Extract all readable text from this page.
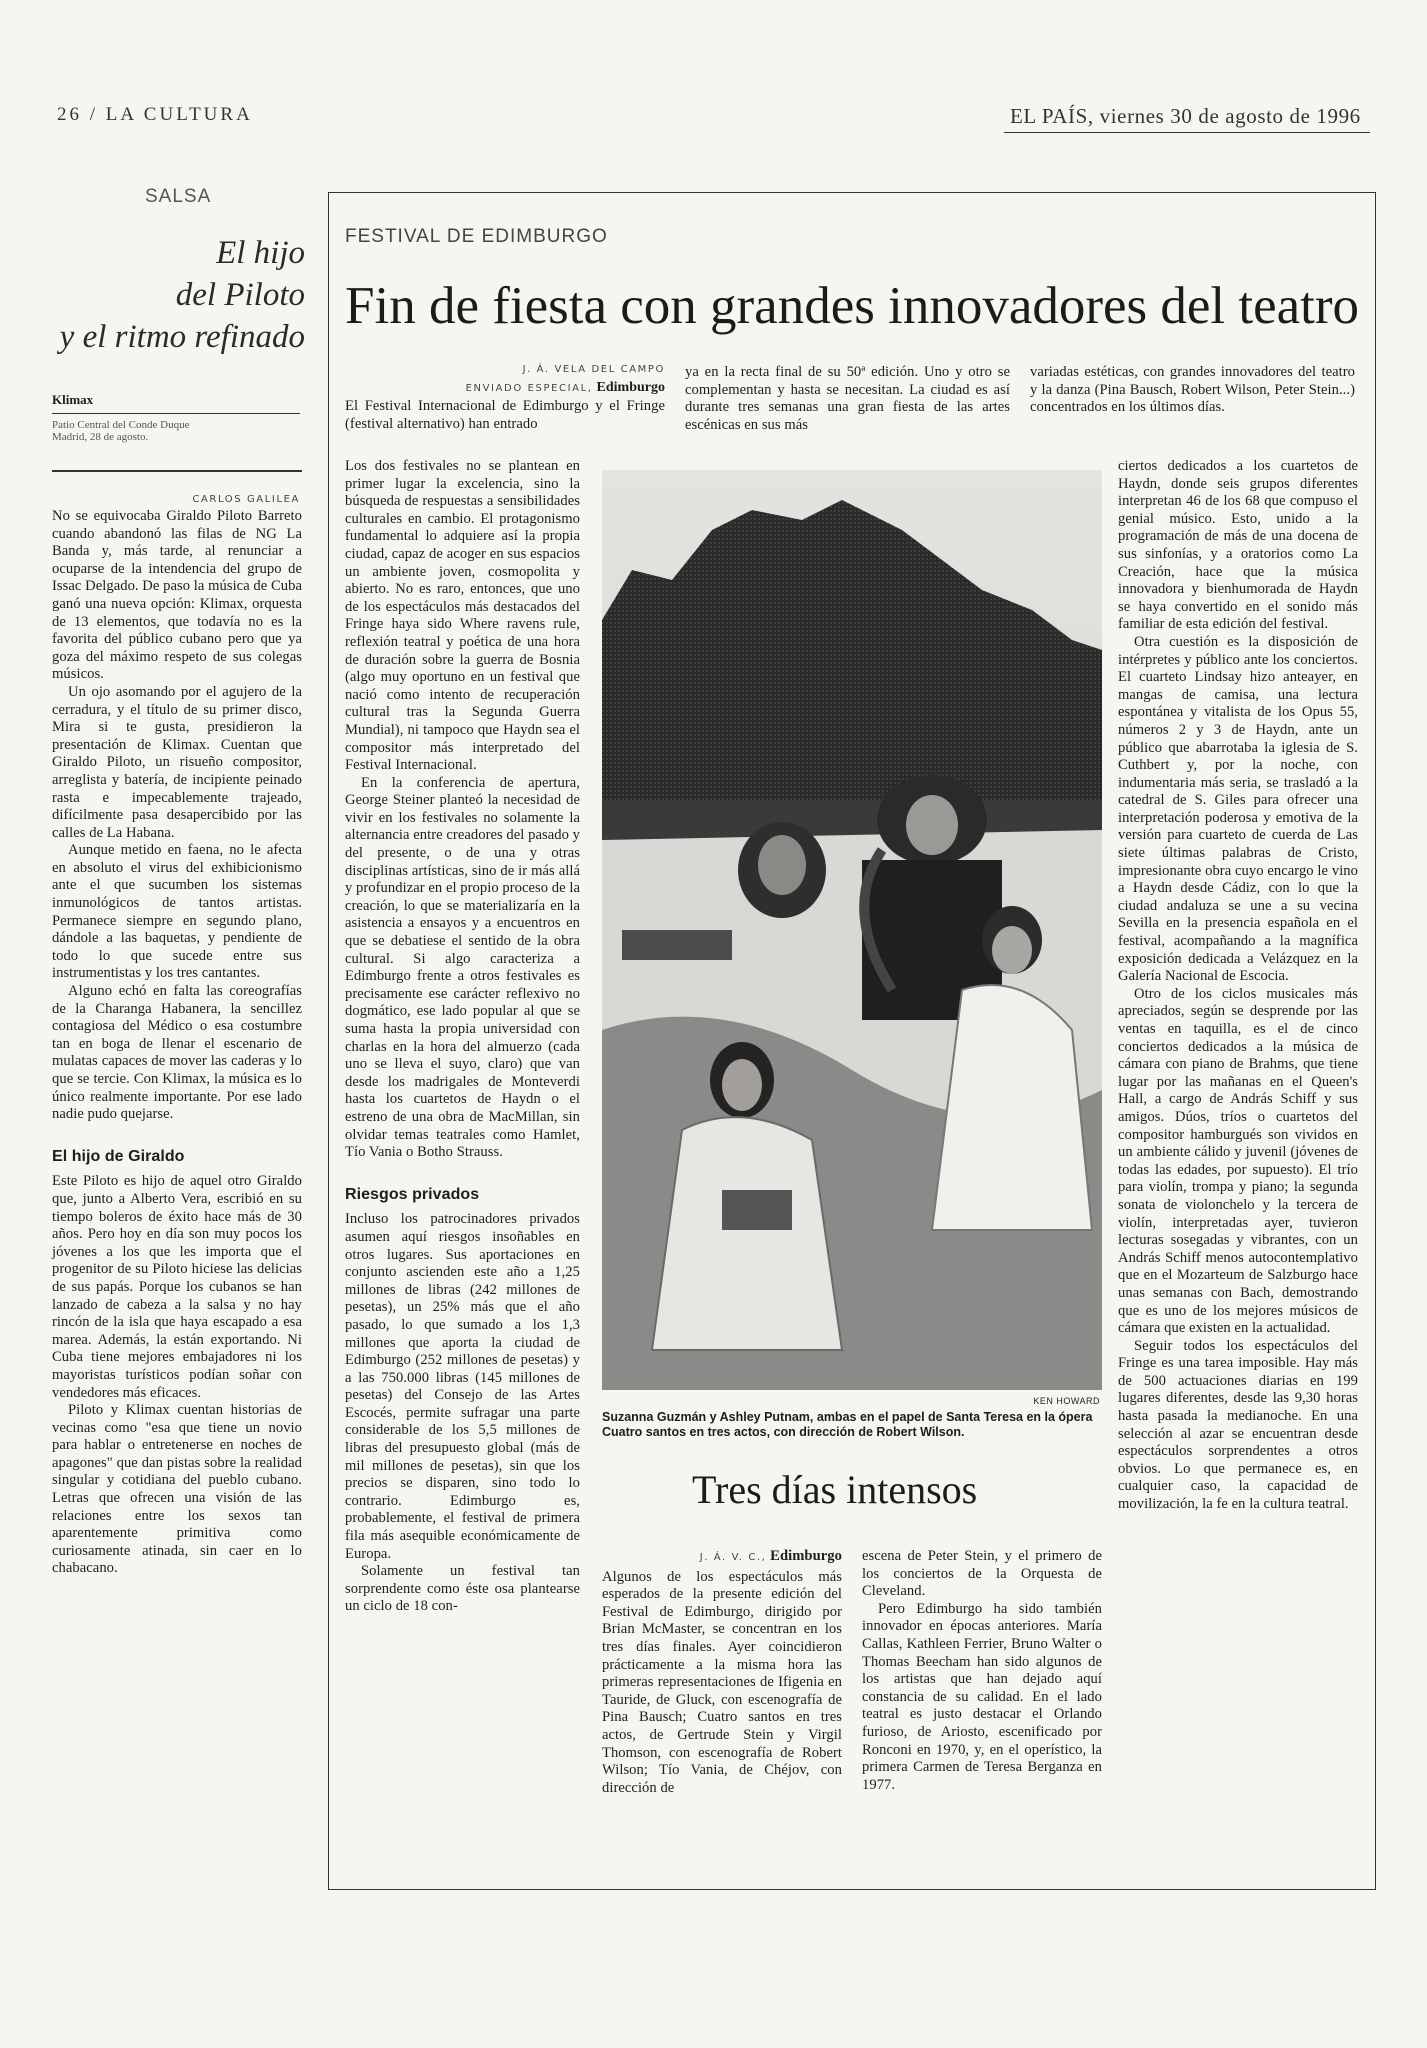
26 / LA CULTURA	EL PAÍS, viernes 30 de agosto de 1996
SALSA
El hijo
del Piloto
y el ritmo refinado
Klimax
Patio Central del Conde Duque
Madrid, 28 de agosto.
CARLOS GALILEA

No se equivocaba Giraldo Piloto Barreto cuando abandonó las filas de NG La Banda y, más tarde, al renunciar a ocuparse de la intendencia del grupo de Issac Delgado. De paso la música de Cuba ganó una nueva opción: Klimax, orquesta de 13 elementos, que todavía no es la favorita del público cubano pero que ya goza del máximo respeto de sus colegas músicos.

Un ojo asomando por el agujero de la cerradura, y el título de su primer disco, Mira si te gusta, presidieron la presentación de Klimax. Cuentan que Giraldo Piloto, un risueño compositor, arreglista y batería, de incipiente peinado rasta e impecablemente trajeado, difícilmente pasa desapercibido por las calles de La Habana.

Aunque metido en faena, no le afecta en absoluto el virus del exhibicionismo ante el que sucumben los sistemas inmunológicos de tantos artistas. Permanece siempre en segundo plano, dándole a las baquetas, y pendiente de todo lo que sucede entre sus instrumentistas y los tres cantantes.

Alguno echó en falta las coreografías de la Charanga Habanera, la sencillez contagiosa del Médico o esa costumbre tan en boga de llenar el escenario de mulatas capaces de mover las caderas y lo que se tercie. Con Klimax, la música es lo único realmente importante. Por ese lado nadie pudo quejarse.

El hijo de Giraldo

Este Piloto es hijo de aquel otro Giraldo que, junto a Alberto Vera, escribió en su tiempo boleros de éxito hace más de 30 años. Pero hoy en día son muy pocos los jóvenes a los que les importa que el progenitor de su Piloto hiciese las delicias de sus papás. Porque los cubanos se han lanzado de cabeza a la salsa y no hay rincón de la isla que haya escapado a esa marea. Además, la están exportando. Ni Cuba tiene mejores embajadores ni los mayoristas turísticos podían soñar con vendedores más eficaces.

Piloto y Klimax cuentan historias de vecinas como "esa que tiene un novio para hablar o entretenerse en noches de apagones" que dan pistas sobre la realidad singular y cotidiana del pueblo cubano. Letras que ofrecen una visión de las relaciones entre los sexos tan aparentemente primitiva como curiosamente atinada, sin caer en lo chabacano.

FESTIVAL DE EDIMBURGO
Fin de fiesta con grandes innovadores del teatro
J. Á. VELA DEL CAMPO
ENVIADO ESPECIAL, Edimburgo

El Festival Internacional de Edimburgo y el Fringe (festival alternativo) han entrado

ya en la recta final de su 50ª edición. Uno y otro se complementan y hasta se necesitan. La ciudad es así durante tres semanas una gran fiesta de las artes escénicas en sus más

variadas estéticas, con grandes innovadores del teatro y la danza (Pina Bausch, Robert Wilson, Peter Stein...) concentrados en los últimos días.

Los dos festivales no se plantean en primer lugar la excelencia, sino la búsqueda de respuestas a sensibilidades culturales en cambio. El protagonismo fundamental lo adquiere así la propia ciudad, capaz de acoger en sus espacios un ambiente joven, cosmopolita y abierto. No es raro, entonces, que uno de los espectáculos más destacados del Fringe haya sido Where ravens rule, reflexión teatral y poética de una hora de duración sobre la guerra de Bosnia (algo muy oportuno en un festival que nació como intento de recuperación cultural tras la Segunda Guerra Mundial), ni tampoco que Haydn sea el compositor más interpretado del Festival Internacional.

En la conferencia de apertura, George Steiner planteó la necesidad de vivir en los festivales no solamente la alternancia entre creadores del pasado y del presente, o de una y otras disciplinas artísticas, sino de ir más allá y profundizar en el propio proceso de la creación, lo que se materializaría en la asistencia a ensayos y a encuentros en que se debatiese el sentido de la obra cultural. Si algo caracteriza a Edimburgo frente a otros festivales es precisamente ese carácter reflexivo no dogmático, ese lado popular al que se suma hasta la propia universidad con charlas en la hora del almuerzo (cada uno se lleva el suyo, claro) que van desde los madrigales de Monteverdi hasta los cuartetos de Haydn o el estreno de una obra de MacMillan, sin olvidar temas teatrales como Hamlet, Tío Vania o Botho Strauss.

Riesgos privados

Incluso los patrocinadores privados asumen aquí riesgos insoñables en otros lugares. Sus aportaciones en conjunto ascienden este año a 1,25 millones de libras (242 millones de pesetas), un 25% más que el año pasado, lo que sumado a los 1,3 millones que aporta la ciudad de Edimburgo (252 millones de pesetas) y a las 750.000 libras (145 millones de pesetas) del Consejo de las Artes Escocés, permite sufragar una parte considerable de los 5,5 millones de libras del presupuesto global (más de mil millones de pesetas), sin que los precios se disparen, sino todo lo contrario. Edimburgo es, probablemente, el festival de primera fila más asequible económicamente de Europa.

Solamente un festival tan sorprendente como éste osa plantearse un ciclo de 18 con-

KEN HOWARD
Suzanna Guzmán y Ashley Putnam, ambas en el papel de Santa Teresa en la ópera Cuatro santos en tres actos, con dirección de Robert Wilson.

ciertos dedicados a los cuartetos de Haydn, donde seis grupos diferentes interpretan 46 de los 68 que compuso el genial músico. Esto, unido a la programación de más de una docena de sus sinfonías, y a oratorios como La Creación, hace que la música innovadora y bienhumorada de Haydn se haya convertido en el sonido más familiar de esta edición del festival.

Otra cuestión es la disposición de intérpretes y público ante los conciertos. El cuarteto Lindsay hizo anteayer, en mangas de camisa, una lectura espontánea y vitalista de los Opus 55, números 2 y 3 de Haydn, ante un público que abarrotaba la iglesia de S. Cuthbert y, por la noche, con indumentaria más seria, se trasladó a la catedral de S. Giles para ofrecer una interpretación poderosa y emotiva de la versión para cuarteto de cuerda de Las siete últimas palabras de Cristo, impresionante obra cuyo encargo le vino a Haydn desde Cádiz, con lo que la ciudad andaluza se une a su vecina Sevilla en la presencia española en el festival, acompañando a la magnífica exposición dedicada a Velázquez en la Galería Nacional de Escocia.

Otro de los ciclos musicales más apreciados, según se desprende por las ventas en taquilla, es el de cinco conciertos dedicados a la música de cámara con piano de Brahms, que tiene lugar por las mañanas en el Queen's Hall, a cargo de András Schiff y sus amigos. Dúos, tríos o cuartetos del compositor hamburgués son vividos en un ambiente cálido y juvenil (jóvenes de todas las edades, por supuesto). El trío para violín, trompa y piano; la segunda sonata de violonchelo y la tercera de violín, interpretadas ayer, tuvieron lecturas sosegadas y vibrantes, con un András Schiff menos autocontemplativo que en el Mozarteum de Salzburgo hace unas semanas con Bach, demostrando que es uno de los mejores músicos de cámara que existen en la actualidad.

Seguir todos los espectáculos del Fringe es una tarea imposible. Hay más de 500 actuaciones diarias en 199 lugares diferentes, desde las 9,30 horas hasta pasada la medianoche. En una selección al azar se encuentran desde espectáculos sorprendentes a otros obvios. Lo que permanece es, en cualquier caso, la capacidad de movilización, la fe en la cultura teatral.

Tres días intensos
J. Á. V. C., Edimburgo

Algunos de los espectáculos más esperados de la presente edición del Festival de Edimburgo, dirigido por Brian McMaster, se concentran en los tres días finales. Ayer coincidieron prácticamente a la misma hora las primeras representaciones de Ifigenia en Tauride, de Gluck, con escenografía de Pina Bausch; Cuatro santos en tres actos, de Gertrude Stein y Virgil Thomson, con escenografía de Robert Wilson; Tío Vania, de Chéjov, con dirección de

escena de Peter Stein, y el primero de los conciertos de la Orquesta de Cleveland.

Pero Edimburgo ha sido también innovador en épocas anteriores. María Callas, Kathleen Ferrier, Bruno Walter o Thomas Beecham han sido algunos de los artistas que han dejado aquí constancia de su calidad. En el lado teatral es justo destacar el Orlando furioso, de Ariosto, escenificado por Ronconi en 1970, y, en el operístico, la primera Carmen de Teresa Berganza en 1977.
